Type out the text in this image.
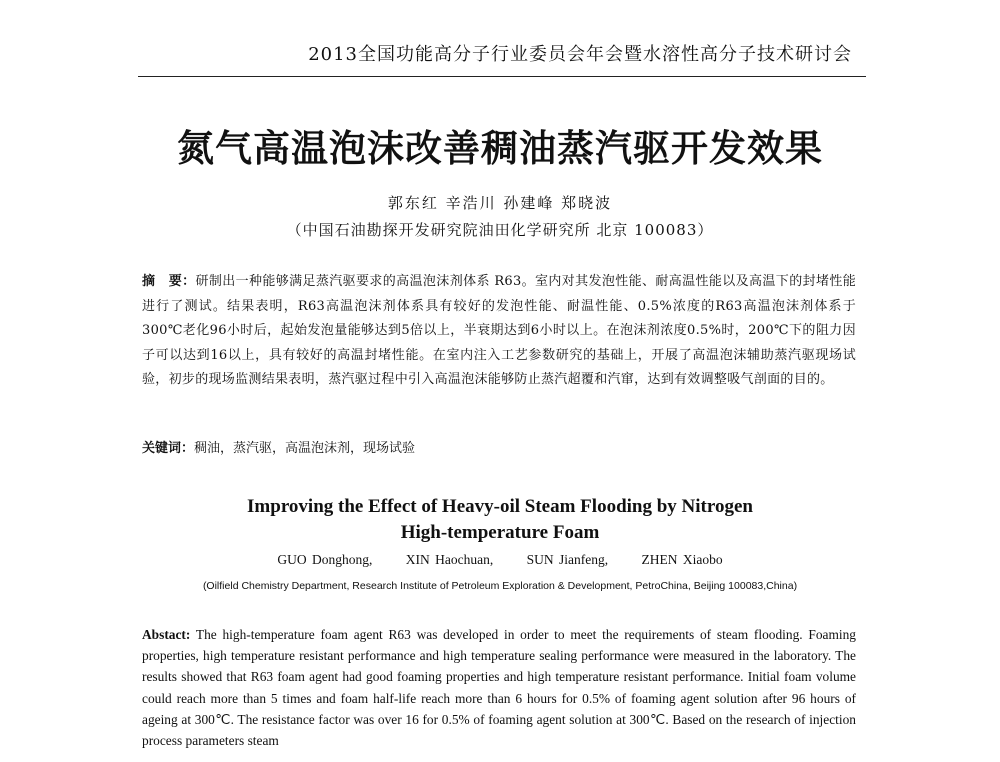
2013全国功能高分子行业委员会年会暨水溶性高分子技术研讨会
氮气高温泡沫改善稠油蒸汽驱开发效果
郭东红 辛浩川 孙建峰 郑晓波
（中国石油勘探开发研究院油田化学研究所 北京 100083）
摘　要：研制出一种能够满足蒸汽驱要求的高温泡沫剂体系 R63。室内对其发泡性能、耐高温性能以及高温下的封堵性能进行了测试。结果表明，R63高温泡沫剂体系具有较好的发泡性能、耐温性能、0.5%浓度的R63高温泡沫剂体系于300℃老化96小时后，起始发泡量能够达到5倍以上，半衰期达到6小时以上。在泡沫剂浓度0.5%时，200℃下的阻力因子可以达到16以上，具有较好的高温封堵性能。在室内注入工艺参数研究的基础上，开展了高温泡沫辅助蒸汽驱现场试验，初步的现场监测结果表明，蒸汽驱过程中引入高温泡沫能够防止蒸汽超覆和汽窜，达到有效调整吸气剖面的目的。
关键词：稠油，蒸汽驱，高温泡沫剂，现场试验
Improving the Effect of Heavy-oil Steam Flooding by Nitrogen
High-temperature Foam
GUO Donghong, XIN Haochuan, SUN Jianfeng, ZHEN Xiaobo
(Oilfield Chemistry Department, Research Institute of Petroleum Exploration & Development, PetroChina, Beijing 100083,China)
Abstact: The high-temperature foam agent R63 was developed in order to meet the requirements of steam flooding. Foaming properties, high temperature resistant performance and high temperature sealing performance were measured in the laboratory. The results showed that R63 foam agent had good foaming properties and high temperature resistant performance. Initial foam volume could reach more than 5 times and foam half-life reach more than 6 hours for 0.5% of foaming agent solution after 96 hours of ageing at 300℃. The resistance factor was over 16 for 0.5% of foaming agent solution at 300℃. Based on the research of injection process parameters steam
